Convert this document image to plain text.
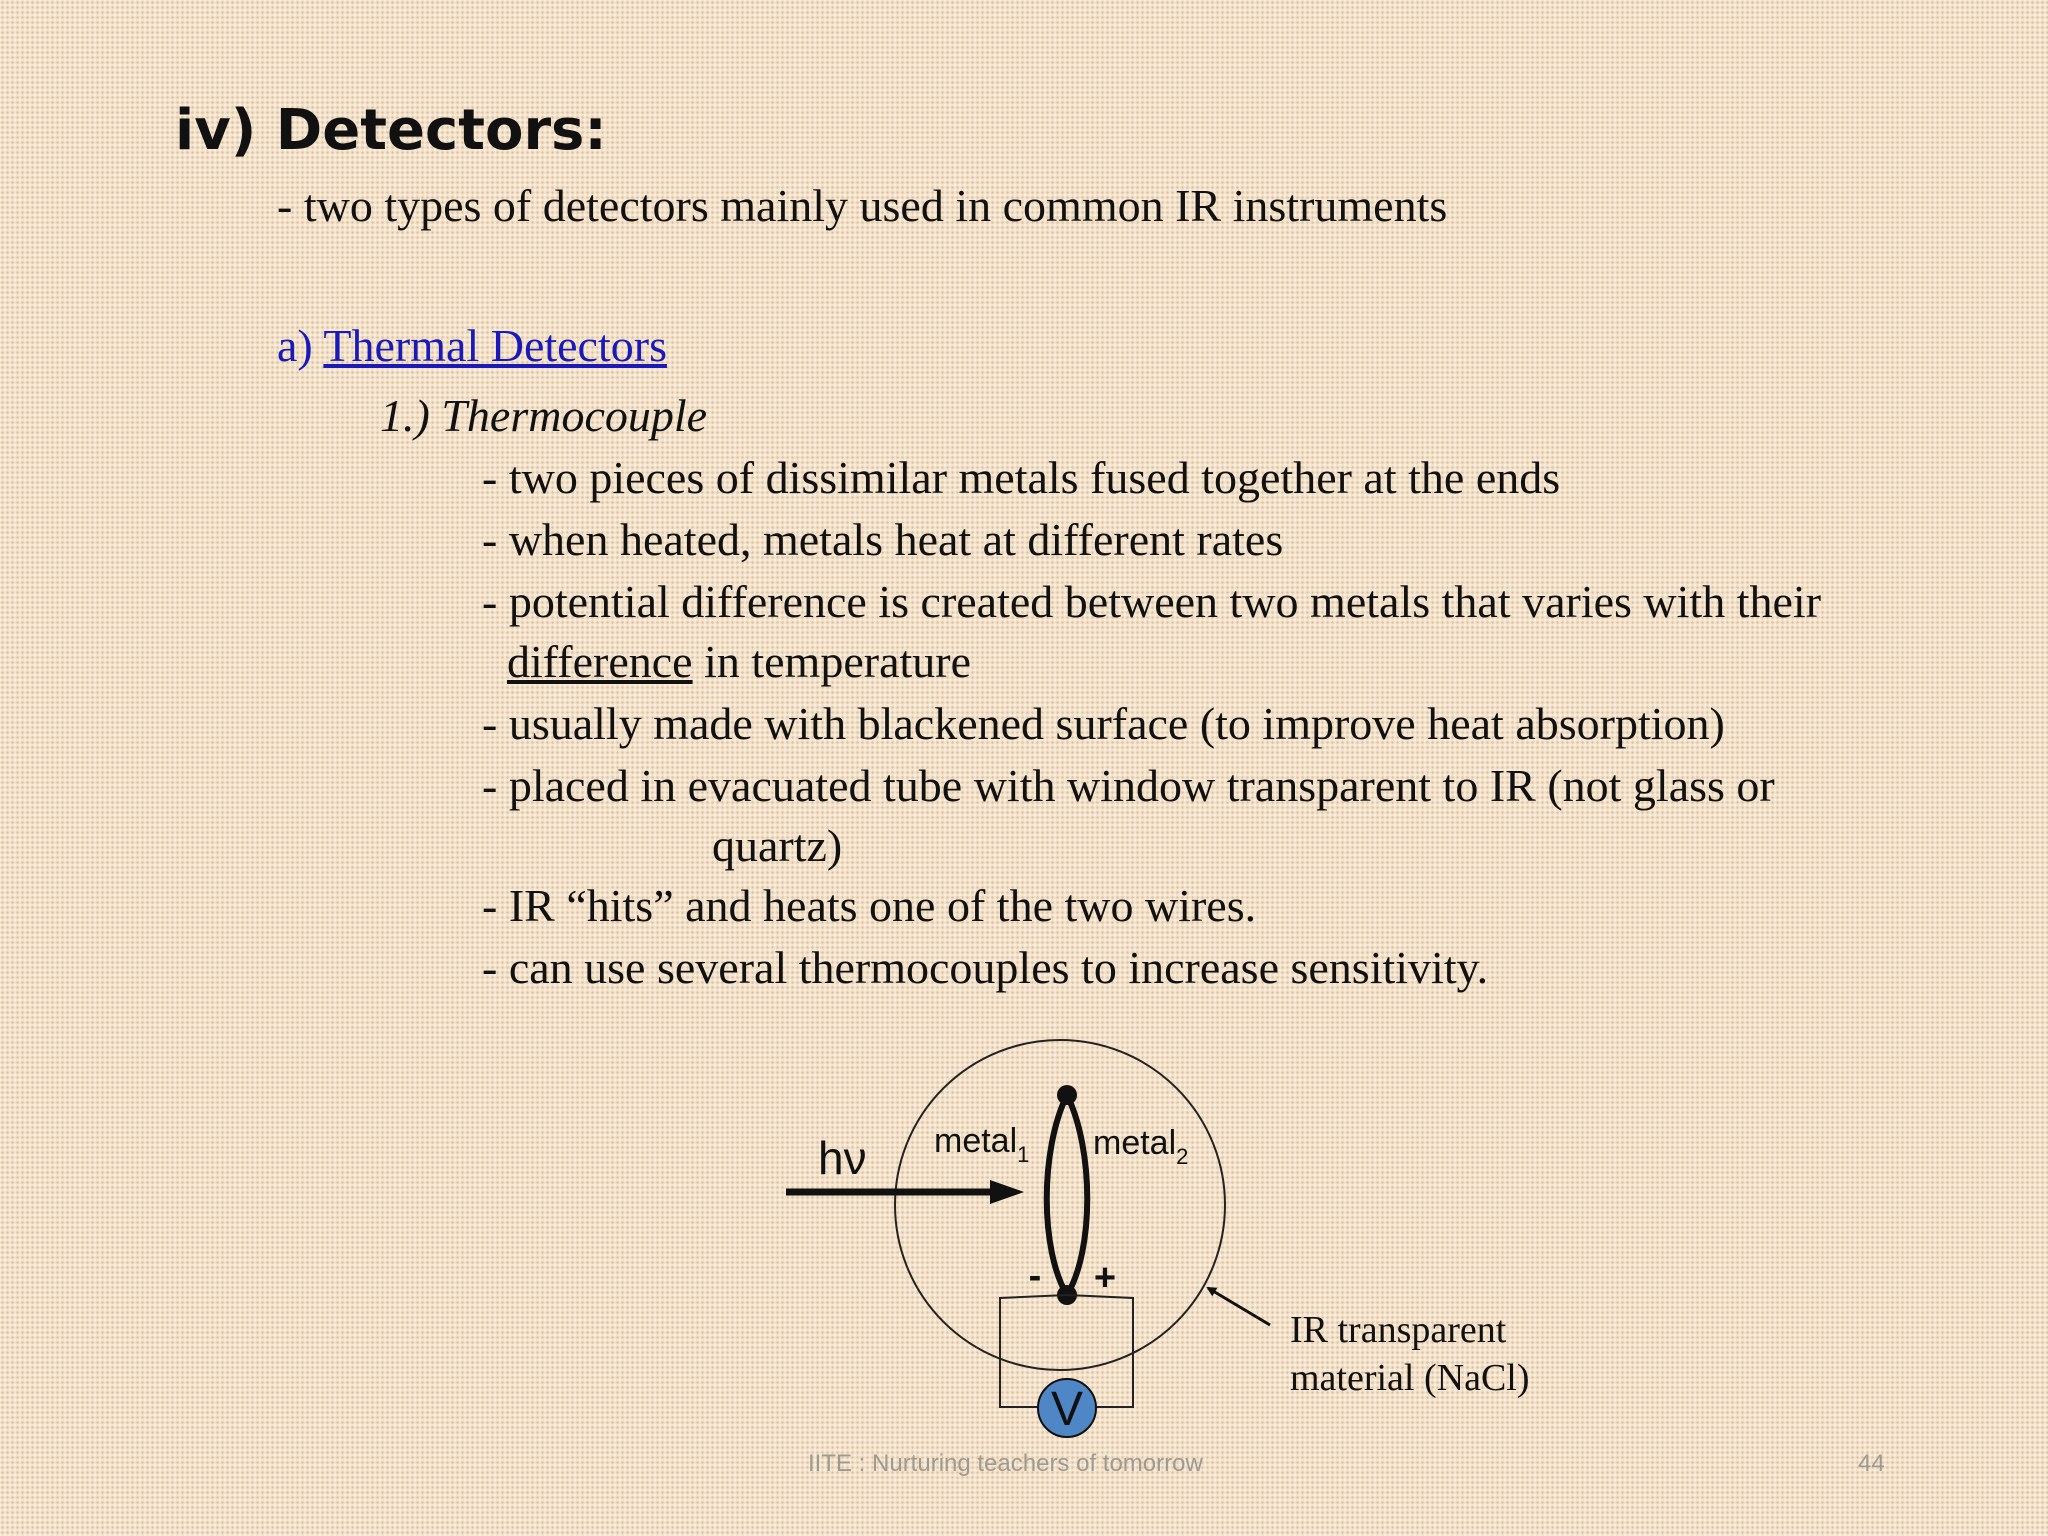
iv) Detectors:
- two types of detectors mainly used in common IR instruments
a) Thermal Detectors
1.) Thermocouple
- two pieces of dissimilar metals fused together at the ends
- when heated, metals heat at different rates
- potential difference is created between two metals that varies with their
difference in temperature
- usually made with blackened surface (to improve heat absorption)
- placed in evacuated tube with window transparent to IR (not glass or
quartz)
- IR “hits” and heats one of the two wires.
- can use several thermocouples to increase sensitivity.
V
- +
hν metal$_1$ metal$_2$
IR transparent
material (NaCl)
IITE : Nurturing teachers of tomorrow	44
